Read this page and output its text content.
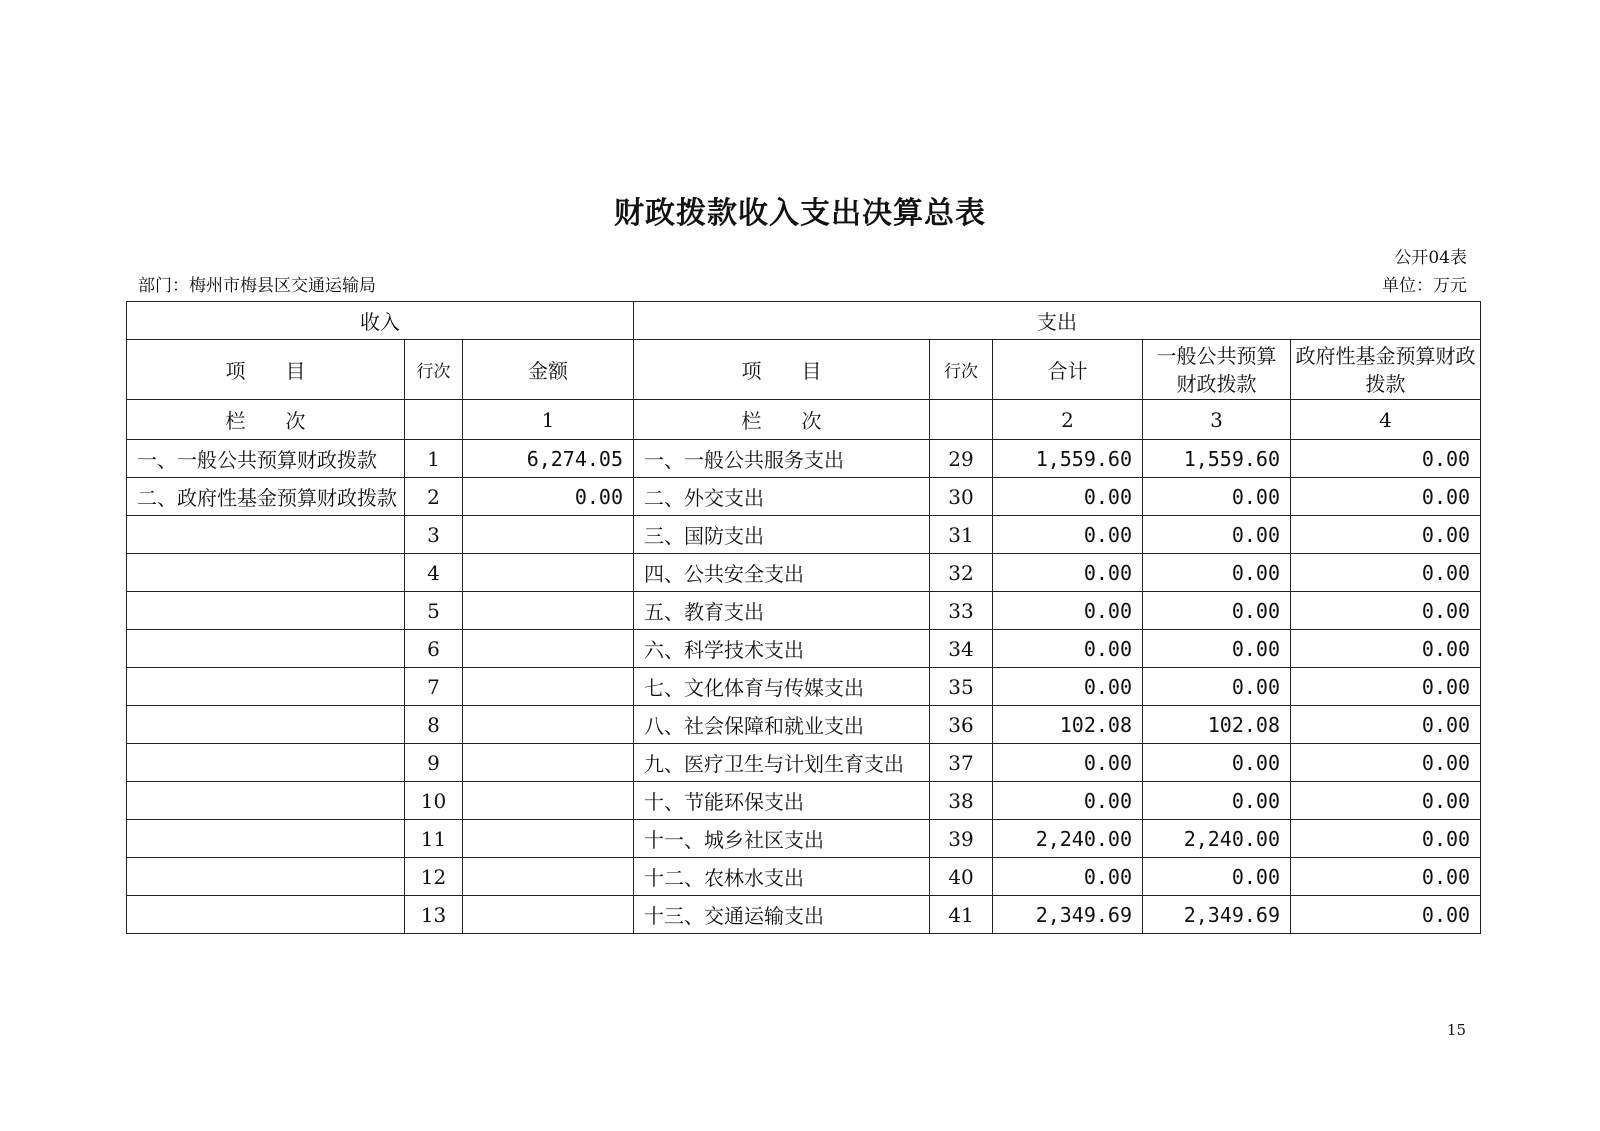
财政拨款收入支出决算总表
公开04表
部门：梅州市梅县区交通运输局	单位：万元
收入			支出				
项　　目	行次	金额	项　　目	行次	合计	一般公共预算财政拨款	政府性基金预算财政拨款
栏　　次		1	栏　　次		2	3	4
一、一般公共预算财政拨款	1	6,274.05	一、一般公共服务支出	29	1,559.60	1,559.60	0.00
二、政府性基金预算财政拨款	2	0.00	二、外交支出	30	0.00	0.00	0.00
	3		三、国防支出	31	0.00	0.00	0.00
	4		四、公共安全支出	32	0.00	0.00	0.00
	5		五、教育支出	33	0.00	0.00	0.00
	6		六、科学技术支出	34	0.00	0.00	0.00
	7		七、文化体育与传媒支出	35	0.00	0.00	0.00
	8		八、社会保障和就业支出	36	102.08	102.08	0.00
	9		九、医疗卫生与计划生育支出	37	0.00	0.00	0.00
	10		十、节能环保支出	38	0.00	0.00	0.00
	11		十一、城乡社区支出	39	2,240.00	2,240.00	0.00
	12		十二、农林水支出	40	0.00	0.00	0.00
	13		十三、交通运输支出	41	2,349.69	2,349.69	0.00
15
